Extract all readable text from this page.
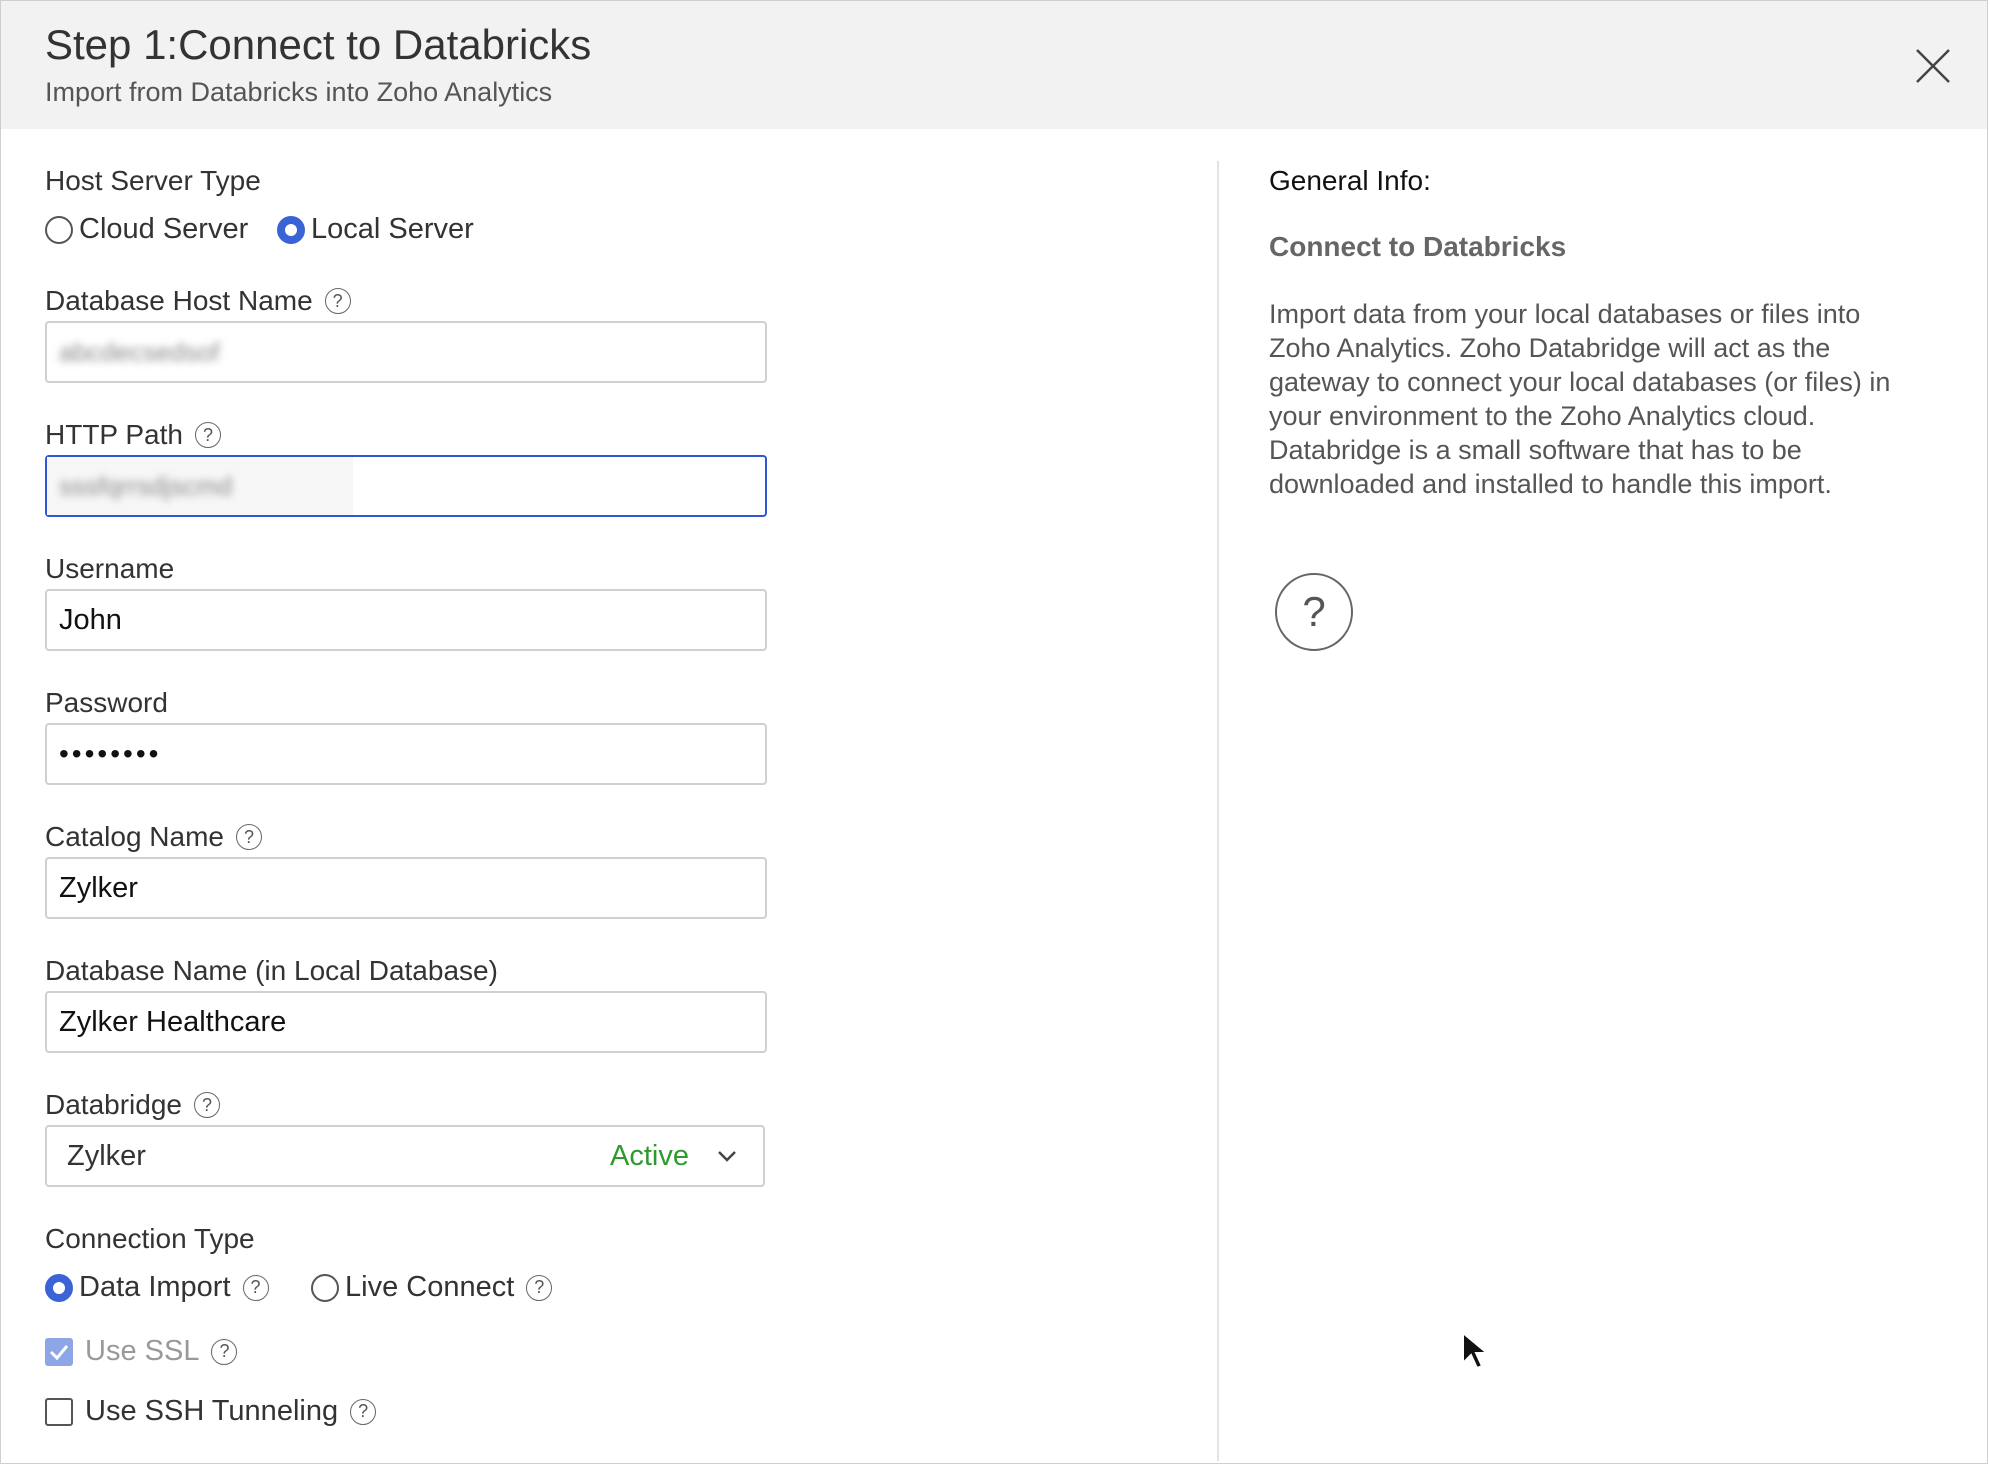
Step 1:Connect to Databricks
Import from Databricks into Zoho Analytics
Host Server Type
Cloud Server Local Server
Database Host Name	?
abcdecsedsof
HTTP Path	?
sssfqrrsdjscmd
Username
John
Password
••••••••
Catalog Name	?
Zylker
Database Name (in Local Database)
Zylker Healthcare
Databridge	?
Zylker	Active
Connection Type
Data Import	?	Live Connect	?
Use SSL	?
Use SSH Tunneling	?
General Info:
Connect to Databricks
Import data from your local databases or files into Zoho Analytics. Zoho Databridge will act as the gateway to connect your local databases (or files) in your environment to the Zoho Analytics cloud. Databridge is a small software that has to be downloaded and installed to handle this import.
?
